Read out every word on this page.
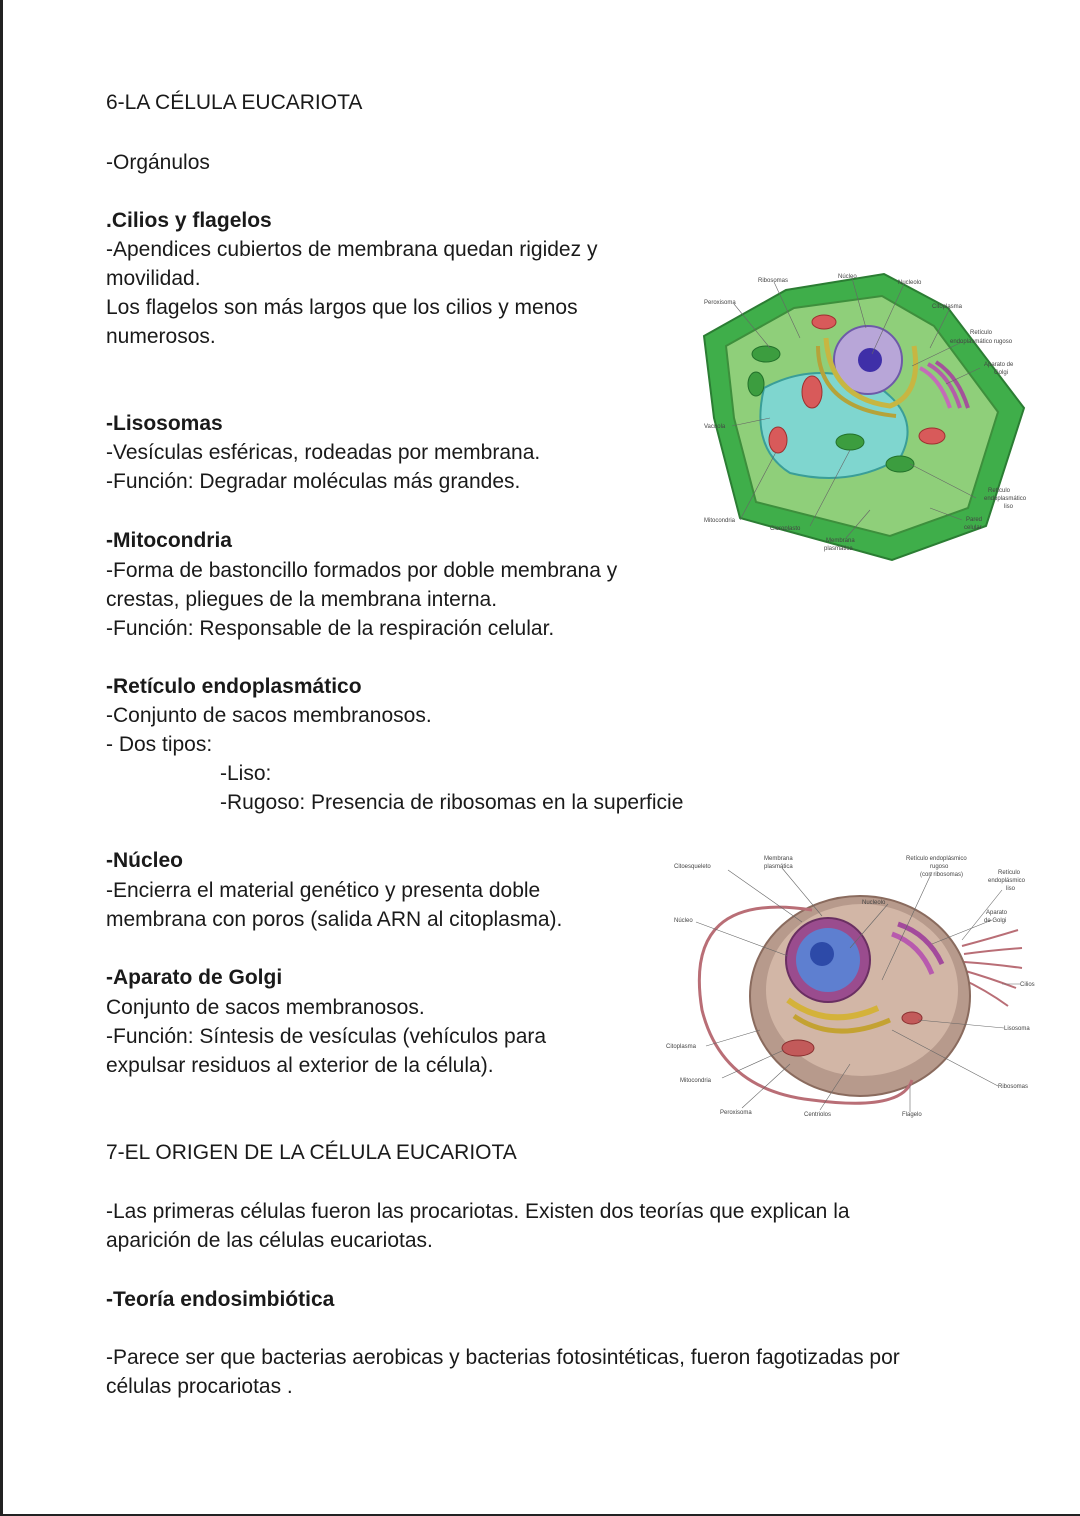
6-LA CÉLULA EUCARIOTA

-Orgánulos

.Cilios y flagelos

-Apendices cubiertos de membrana quedan rigidez y

movilidad.

Los flagelos son más largos que los cilios y menos

numerosos.

-Lisosomas

-Vesículas esféricas, rodeadas por membrana.

-Función: Degradar moléculas más grandes.

-Mitocondria

-Forma de bastoncillo formados por doble membrana y

crestas, pliegues de la membrana interna.

-Función: Responsable de la respiración celular.

-Retículo endoplasmático

-Conjunto de sacos membranosos.

- Dos tipos:

-Liso:

-Rugoso: Presencia de ribosomas en la superficie

-Núcleo

-Encierra el material genético y presenta doble

membrana con poros (salida ARN al citoplasma).

-Aparato de Golgi

Conjunto de sacos membranosos.

-Función: Síntesis de vesículas (vehículos para

expulsar residuos al exterior de la célula).

7-EL ORIGEN DE LA CÉLULA EUCARIOTA

-Las primeras células fueron las procariotas. Existen dos teorías que explican la

aparición de las células eucariotas.

-Teoría endosimbiótica

-Parece ser que bacterias aerobicas y bacterias fotosintéticas, fueron fagotizadas por

células procariotas .

Ribosomas
Núcleo
Nucleolo
Peroxisoma
Citoplasma
Retículo
endoplasmático rugoso
Aparato de
Golgi
Vacuola
Retículo
endoplasmático
liso
Pared
celular
Mitocondria
Cloroplasto
Membrana
plasmática
Citoesqueleto
Membrana
plasmática
Retículo endoplásmico
rugoso
(con ribosomas)	Retículo
endoplásmico
liso
Nucleolo
Núcleo
Aparato
de Golgi
Cilios
Lisosoma
Citoplasma
Ribosomas
Mitocondria
Peroxisoma	Centriolos	Flagelo
